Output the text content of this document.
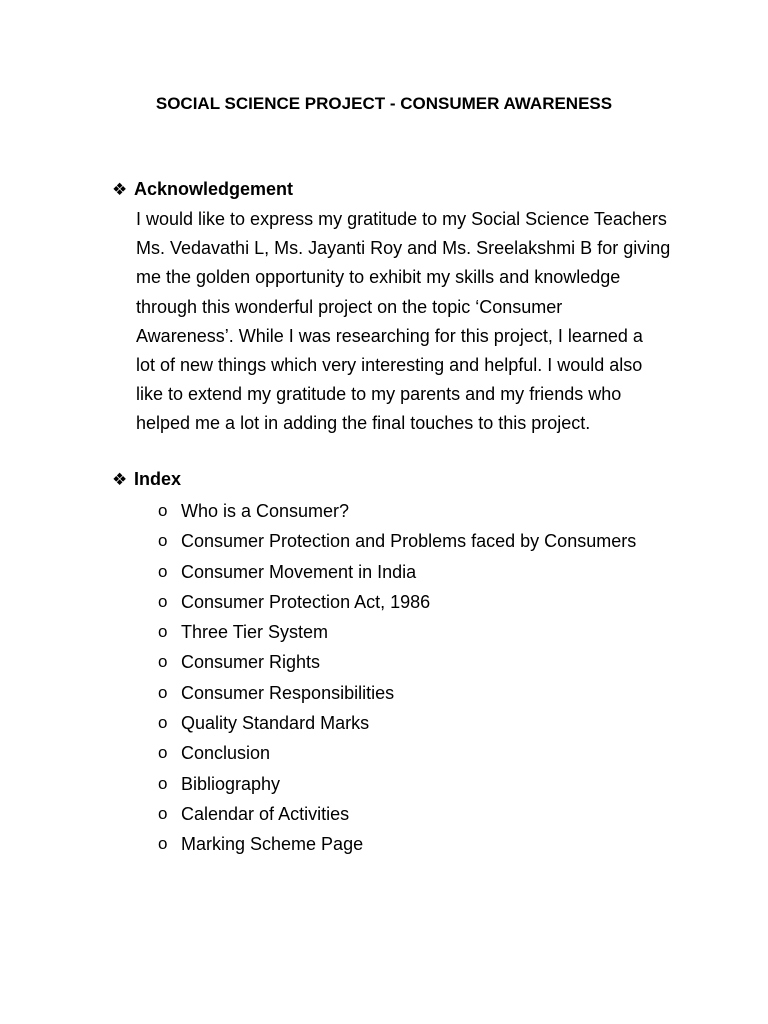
SOCIAL SCIENCE PROJECT - CONSUMER AWARENESS
❖ Acknowledgement
I would like to express my gratitude to my Social Science Teachers
Ms. Vedavathi L, Ms. Jayanti Roy and Ms. Sreelakshmi B for giving
me the golden opportunity to exhibit my skills and knowledge
through this wonderful project on the topic ‘Consumer
Awareness’. While I was researching for this project, I learned a
lot of new things which very interesting and helpful. I would also
like to extend my gratitude to my parents and my friends who
helped me a lot in adding the final touches to this project.
❖ Index
o Who is a Consumer?
o Consumer Protection and Problems faced by Consumers
o Consumer Movement in India
o Consumer Protection Act, 1986
o Three Tier System
o Consumer Rights
o Consumer Responsibilities
o Quality Standard Marks
o Conclusion
o Bibliography
o Calendar of Activities
o Marking Scheme Page
